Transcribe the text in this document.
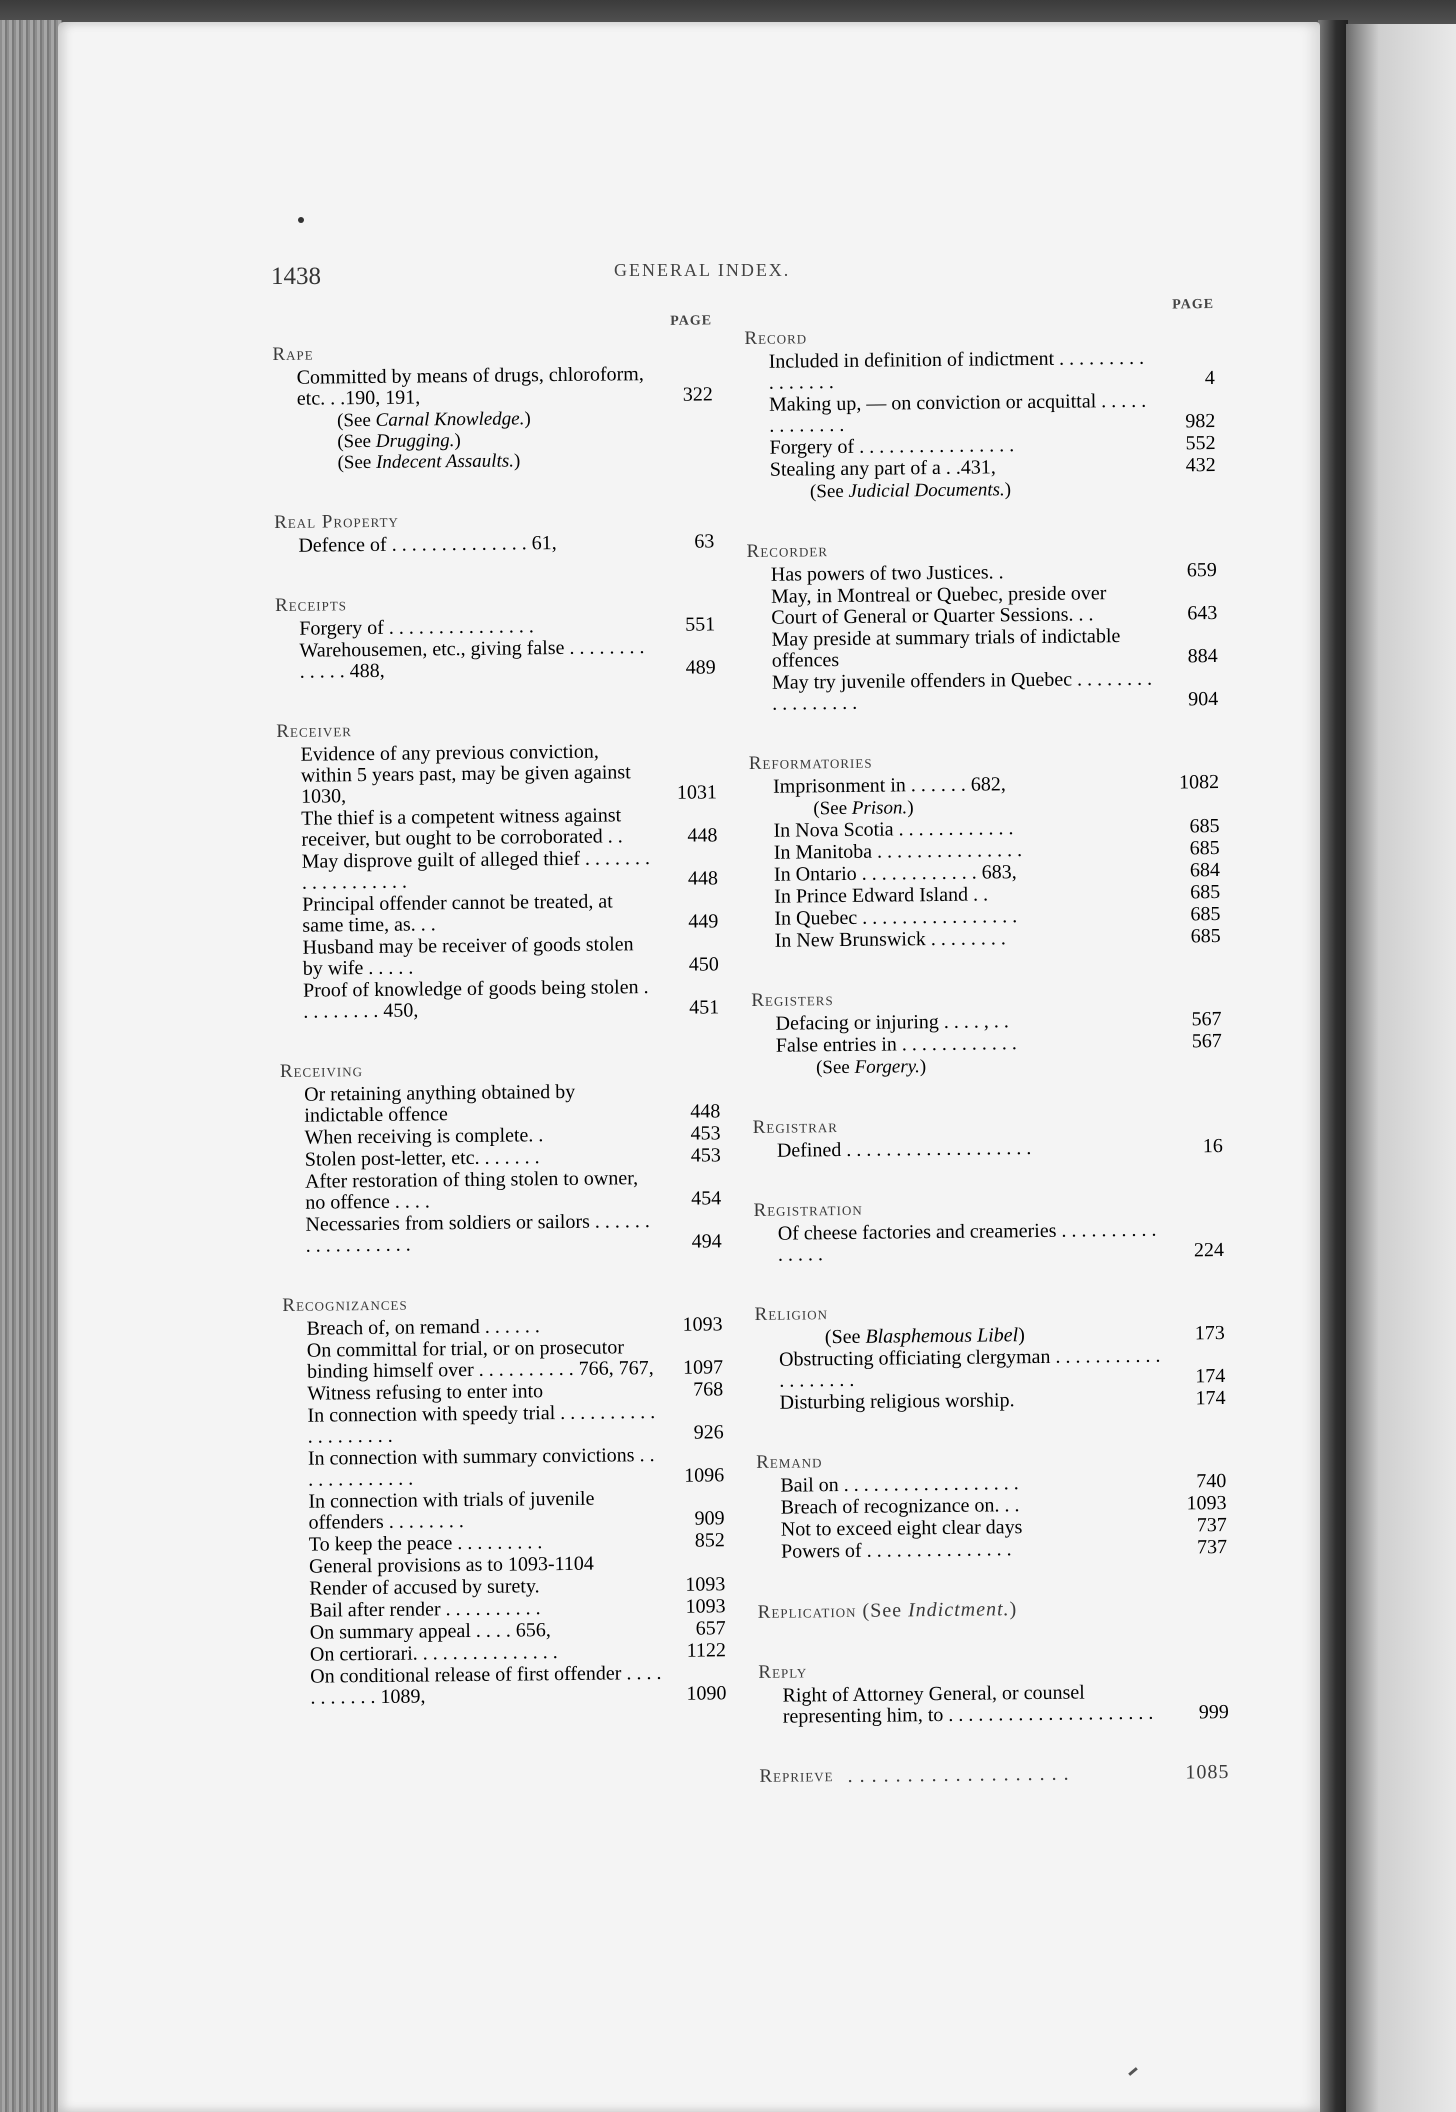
1438	GENERAL INDEX.
PAGE
Rape
Committed by means of drugs, chloroform, etc. . .190, 191,	322
(See Carnal Knowledge.)
(See Drugging.)
(See Indecent Assaults.)
Real Property
Defence of . . . . . . . . . . . . . . 61,	63
Receipts
Forgery of . . . . . . . . . . . . . . .	551
Warehousemen, etc., giving false . . . . . . . . . . . . . 488,	489
Receiver
Evidence of any previous conviction, within 5 years past, may be given against 1030,	1031
The thief is a competent witness against receiver, but ought to be corroborated . .	448
May disprove guilt of alleged thief . . . . . . . . . . . . . . . . . .	448
Principal offender cannot be treated, at same time, as. . .	449
Husband may be receiver of goods stolen by wife . . . . .	450
Proof of knowledge of goods being stolen . . . . . . . . . 450,	451
Receiving
Or retaining anything obtained by indictable offence	448
When receiving is complete. .	453
Stolen post-letter, etc. . . . . . .	453
After restoration of thing stolen to owner, no offence . . . .	454
Necessaries from soldiers or sailors . . . . . . . . . . . . . . . . .	494
Recognizances
Breach of, on remand . . . . . .	1093
On committal for trial, or on prosecutor binding himself over . . . . . . . . . . 766, 767,	1097
Witness refusing to enter into	768
In connection with speedy trial . . . . . . . . . . . . . . . . . . .	926
In connection with summary convictions . . . . . . . . . . . . .	1096
In connection with trials of juvenile offenders . . . . . . . .	909
To keep the peace . . . . . . . . .	852
General provisions as to 1093-1104
Render of accused by surety.	1093
Bail after render . . . . . . . . . .	1093
On summary appeal . . . . 656,	657
On certiorari. . . . . . . . . . . . . . .	1122
On conditional release of first offender . . . . . . . . . . . 1089,	1090
PAGE
Record
Included in definition of indictment . . . . . . . . . . . . . . . .	4
Making up, — on conviction or acquittal . . . . . . . . . . . . .	982
Forgery of . . . . . . . . . . . . . . . .	552
Stealing any part of a . .431,	432
(See Judicial Documents.)
Recorder
Has powers of two Justices. .	659
May, in Montreal or Quebec, preside over Court of General or Quarter Sessions. . .	643
May preside at summary trials of indictable offences	884
May try juvenile offenders in Quebec . . . . . . . . . . . . . . . . .	904
Reformatories
Imprisonment in . . . . . . 682,	1082
(See Prison.)
In Nova Scotia . . . . . . . . . . . .	685
In Manitoba . . . . . . . . . . . . . . .	685
In Ontario . . . . . . . . . . . . 683,	684
In Prince Edward Island . .	685
In Quebec . . . . . . . . . . . . . . . .	685
In New Brunswick . . . . . . . .	685
Registers
Defacing or injuring . . . . , . .	567
False entries in . . . . . . . . . . . .	567
(See Forgery.)
Registrar
Defined . . . . . . . . . . . . . . . . . . .	16
Registration
Of cheese factories and creameries . . . . . . . . . . . . . . .	224
Religion
(See Blasphemous Libel)	173
Obstructing officiating clergyman . . . . . . . . . . . . . . . . . . .	174
Disturbing religious worship.	174
Remand
Bail on . . . . . . . . . . . . . . . . . .	740
Breach of recognizance on. . .	1093
Not to exceed eight clear days	737
Powers of . . . . . . . . . . . . . . .	737
Replication (See Indictment.)
Reply
Right of Attorney General, or counsel representing him, to . . . . . . . . . . . . . . . . . . . . .	999
Reprieve . . . . . . . . . . . . . . . . . . .	1085
